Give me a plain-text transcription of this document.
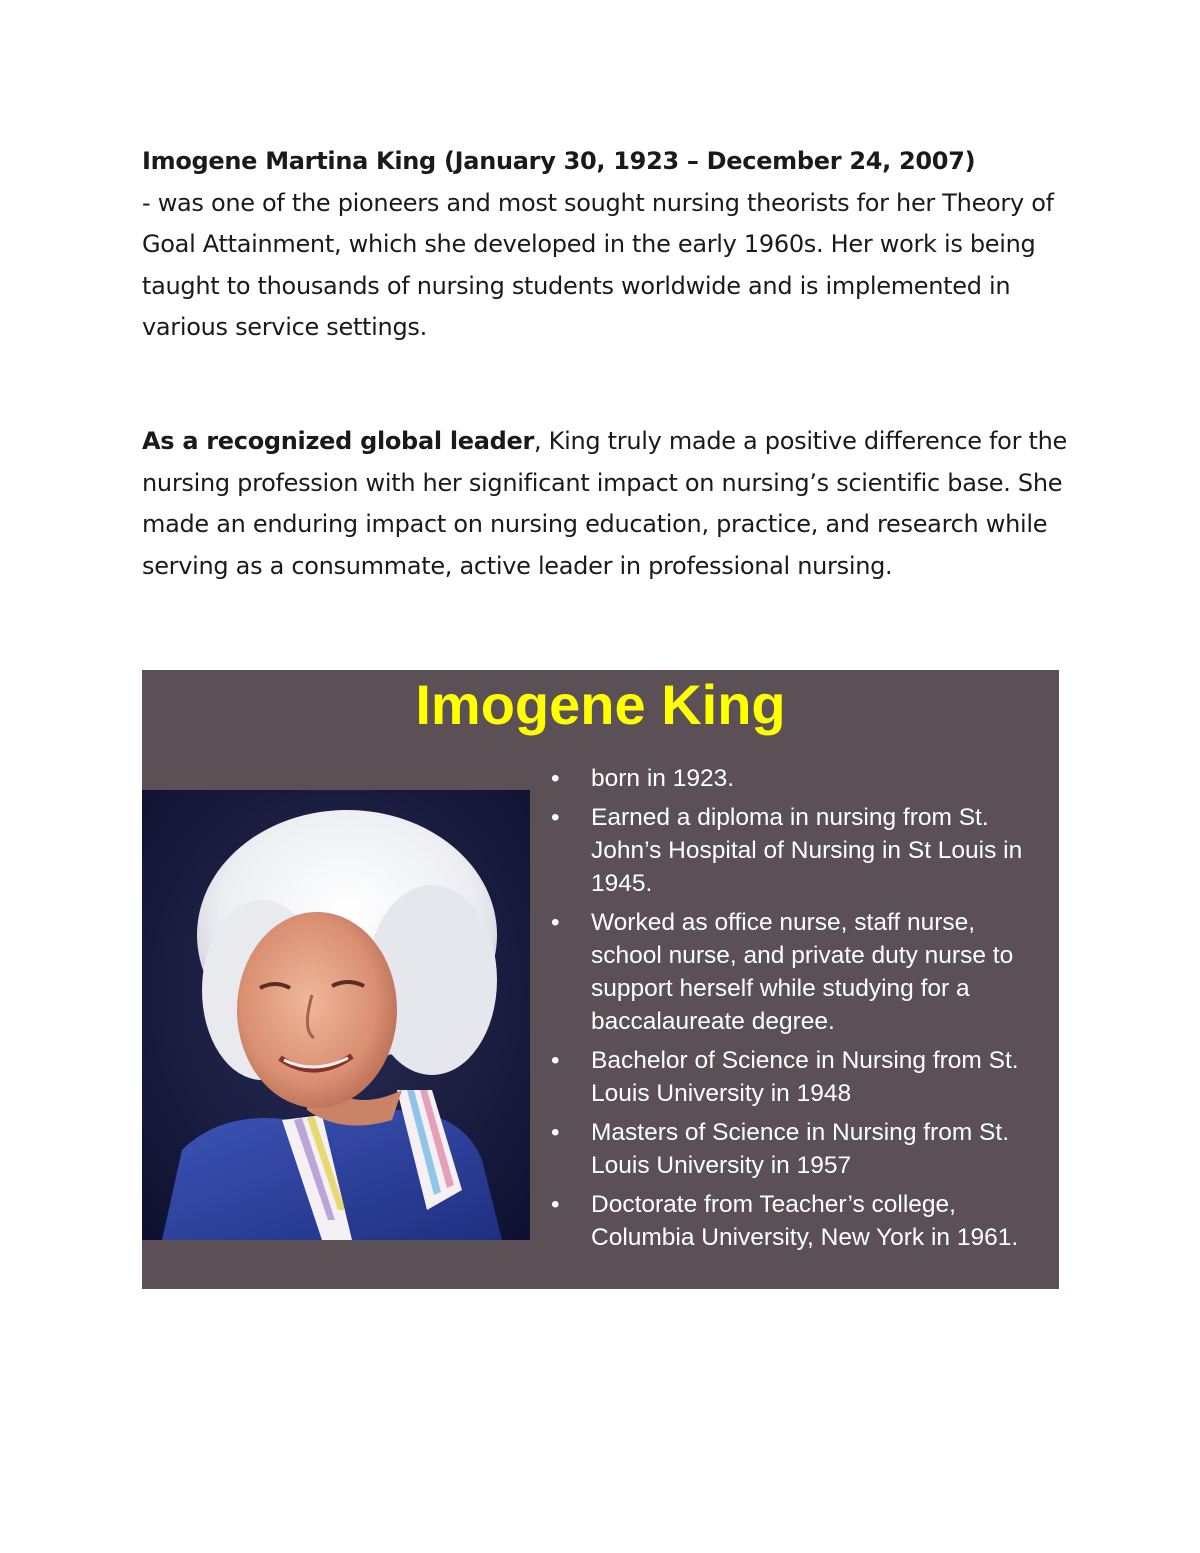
Imogene Martina King (January 30, 1923 – December 24, 2007)

- was one of the pioneers and most sought nursing theorists for her Theory of Goal Attainment, which she developed in the early 1960s. Her work is being taught to thousands of nursing students worldwide and is implemented in various service settings.

As a recognized global leader, King truly made a positive difference for the nursing profession with her significant impact on nursing’s scientific base. She made an enduring impact on nursing education, practice, and research while serving as a consummate, active leader in professional nursing.

Imogene King
• born in 1923.
• Earned a diploma in nursing from St. John’s Hospital of Nursing in St Louis in 1945.
• Worked as office nurse, staff nurse, school nurse, and private duty nurse to support herself while studying for a baccalaureate degree.
• Bachelor of Science in Nursing from St. Louis University in 1948
• Masters of Science in Nursing from St. Louis University in 1957
• Doctorate from Teacher’s college, Columbia University, New York in 1961.
